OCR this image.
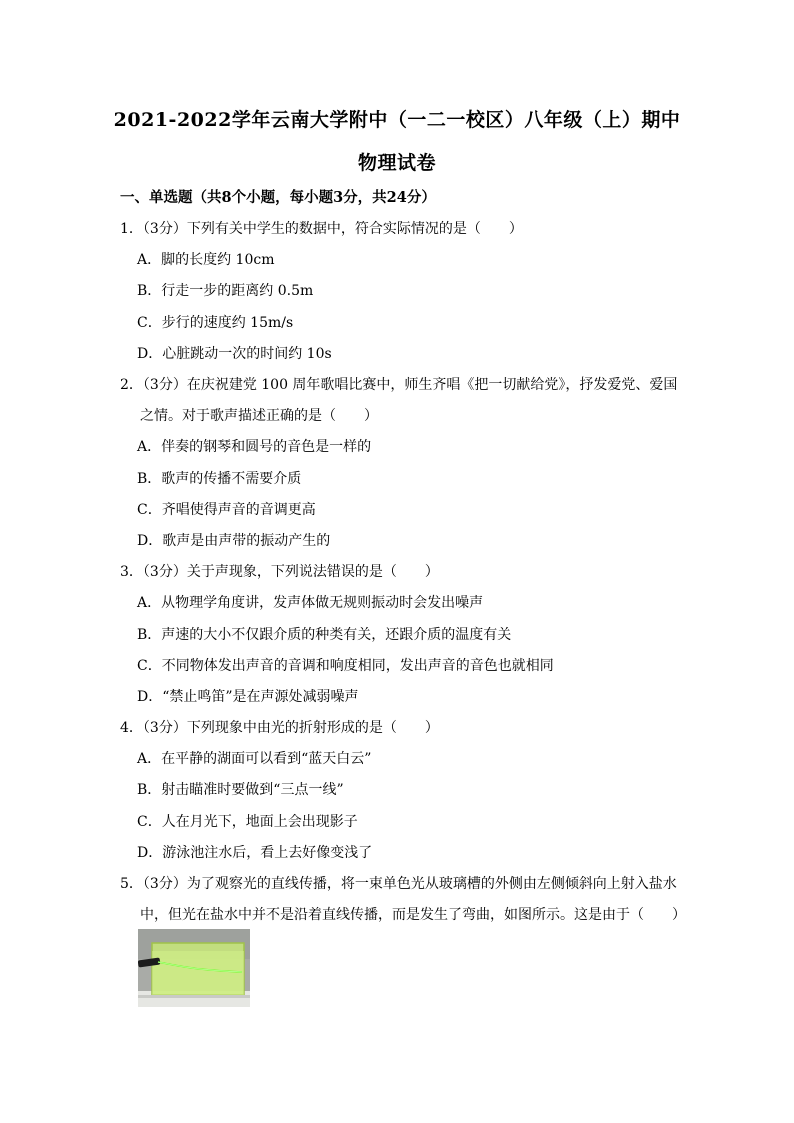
2021-2022学年云南大学附中（一二一校区）八年级（上）期中
物理试卷
一、单选题（共8个小题，每小题3分，共24分）
1．（3分）下列有关中学生的数据中，符合实际情况的是（　　）
A．脚的长度约 10cm
B．行走一步的距离约 0.5m
C．步行的速度约 15m/s
D．心脏跳动一次的时间约 10s
2．（3分）在庆祝建党 100 周年歌唱比赛中，师生齐唱《把一切献给党》，抒发爱党、爱国
之情。对于歌声描述正确的是（　　）
A．伴奏的钢琴和圆号的音色是一样的
B．歌声的传播不需要介质
C．齐唱使得声音的音调更高
D．歌声是由声带的振动产生的
3．（3分）关于声现象，下列说法错误的是（　　）
A．从物理学角度讲，发声体做无规则振动时会发出噪声
B．声速的大小不仅跟介质的种类有关，还跟介质的温度有关
C．不同物体发出声音的音调和响度相同，发出声音的音色也就相同
D．“禁止鸣笛”是在声源处减弱噪声
4．（3分）下列现象中由光的折射形成的是（　　）
A．在平静的湖面可以看到“蓝天白云”
B．射击瞄准时要做到“三点一线”
C．人在月光下，地面上会出现影子
D．游泳池注水后，看上去好像变浅了
5．（3分）为了观察光的直线传播，将一束单色光从玻璃槽的外侧由左侧倾斜向上射入盐水
中，但光在盐水中并不是沿着直线传播，而是发生了弯曲，如图所示。这是由于（　　）
